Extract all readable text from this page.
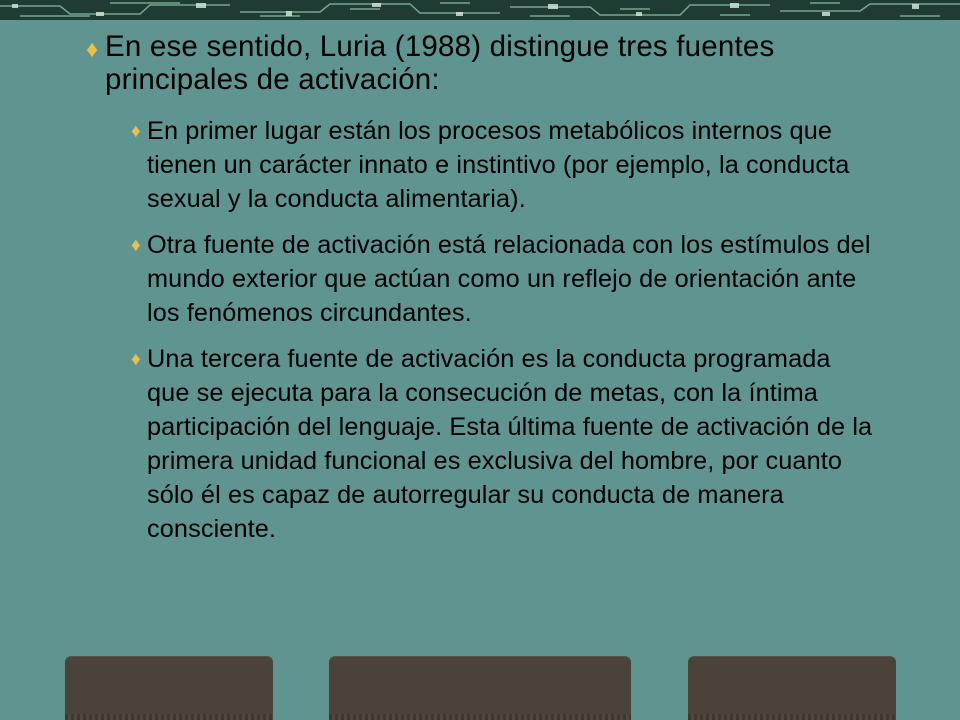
♦ En ese sentido, Luria (1988) distingue tres fuentes principales de activación:
♦ En primer lugar están los procesos metabólicos internos que tienen un carácter innato e instintivo (por ejemplo, la conducta sexual y la conducta alimentaria).
♦ Otra fuente de activación está relacionada con los estímulos del mundo exterior que actúan como un reflejo de orientación ante los fenómenos circundantes.
♦ Una tercera fuente de activación es la conducta programada que se ejecuta para la consecución de metas, con la íntima participación del lenguaje. Esta última fuente de activación de la primera unidad funcional es exclusiva del hombre, por cuanto sólo él es capaz de autorregular su conducta de manera consciente.
